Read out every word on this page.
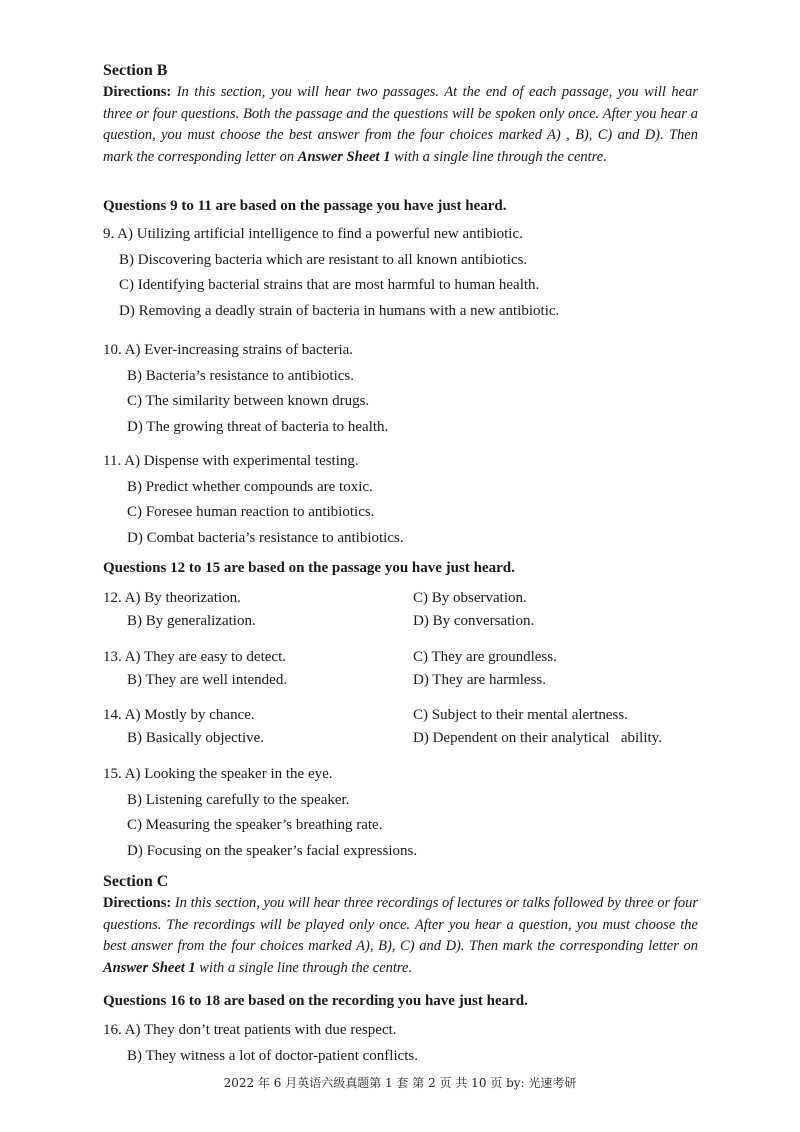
Section B

Directions: In this section, you will hear two passages. At the end of each passage, you will hear three or four questions. Both the passage and the questions will be spoken only once. After you hear a question, you must choose the best answer from the four choices marked A) , B), C) and D). Then mark the corresponding letter on Answer Sheet 1 with a single line through the centre.

Questions 9 to 11 are based on the passage you have just heard.

9. A) Utilizing artificial intelligence to find a powerful new antibiotic.
B) Discovering bacteria which are resistant to all known antibiotics.
C) Identifying bacterial strains that are most harmful to human health.
D) Removing a deadly strain of bacteria in humans with a new antibiotic.
10. A) Ever-increasing strains of bacteria.
B) Bacteria’s resistance to antibiotics.
C) The similarity between known drugs.
D) The growing threat of bacteria to health.
11. A) Dispense with experimental testing.
B) Predict whether compounds are toxic.
C) Foresee human reaction to antibiotics.
D) Combat bacteria’s resistance to antibiotics.

Questions 12 to 15 are based on the passage you have just heard.

12. A) By theorization.	C) By observation.
B) By generalization.	D) By conversation.
13. A) They are easy to detect.	C) They are groundless.
B) They are well intended.	D) They are harmless.
14. A) Mostly by chance.	C) Subject to their mental alertness.
B) Basically objective.	D) Dependent on their analytical   ability.
15. A) Looking the speaker in the eye.
B) Listening carefully to the speaker.
C) Measuring the speaker’s breathing rate.
D) Focusing on the speaker’s facial expressions.

Section C

Directions: In this section, you will hear three recordings of lectures or talks followed by three or four questions. The recordings will be played only once. After you hear a question, you must choose the best answer from the four choices marked A), B), C) and D). Then mark the corresponding letter on Answer Sheet 1 with a single line through the centre.

Questions 16 to 18 are based on the recording you have just heard.

16. A) They don’t treat patients with due respect.
B) They witness a lot of doctor-patient conflicts.
2022 年 6 月英语六级真题第 1 套 第 2 页 共 10 页 by: 光速考研
